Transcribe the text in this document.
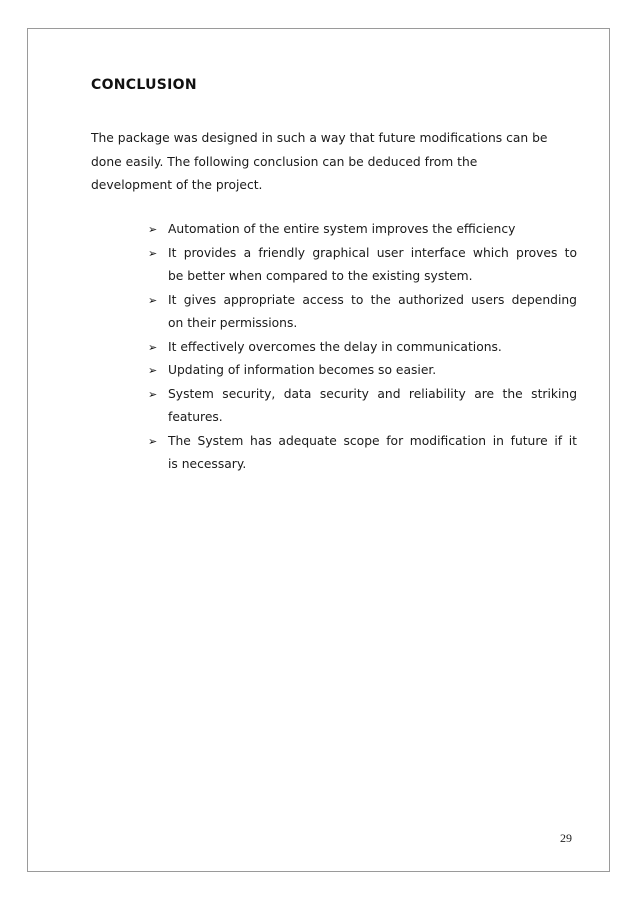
CONCLUSION
The package was designed in such a way that future modifications can be
done easily. The following conclusion can be deduced from the
development of the project.
➢ Automation of the entire system improves the efficiency
➢ It provides a friendly graphical user interface which proves to
be better when compared to the existing system.
➢ It gives appropriate access to the authorized users depending
on their permissions.
➢ It effectively overcomes the delay in communications.
➢ Updating of information becomes so easier.
➢ System security, data security and reliability are the striking
features.
➢ The System has adequate scope for modification in future if it
is necessary.
29
